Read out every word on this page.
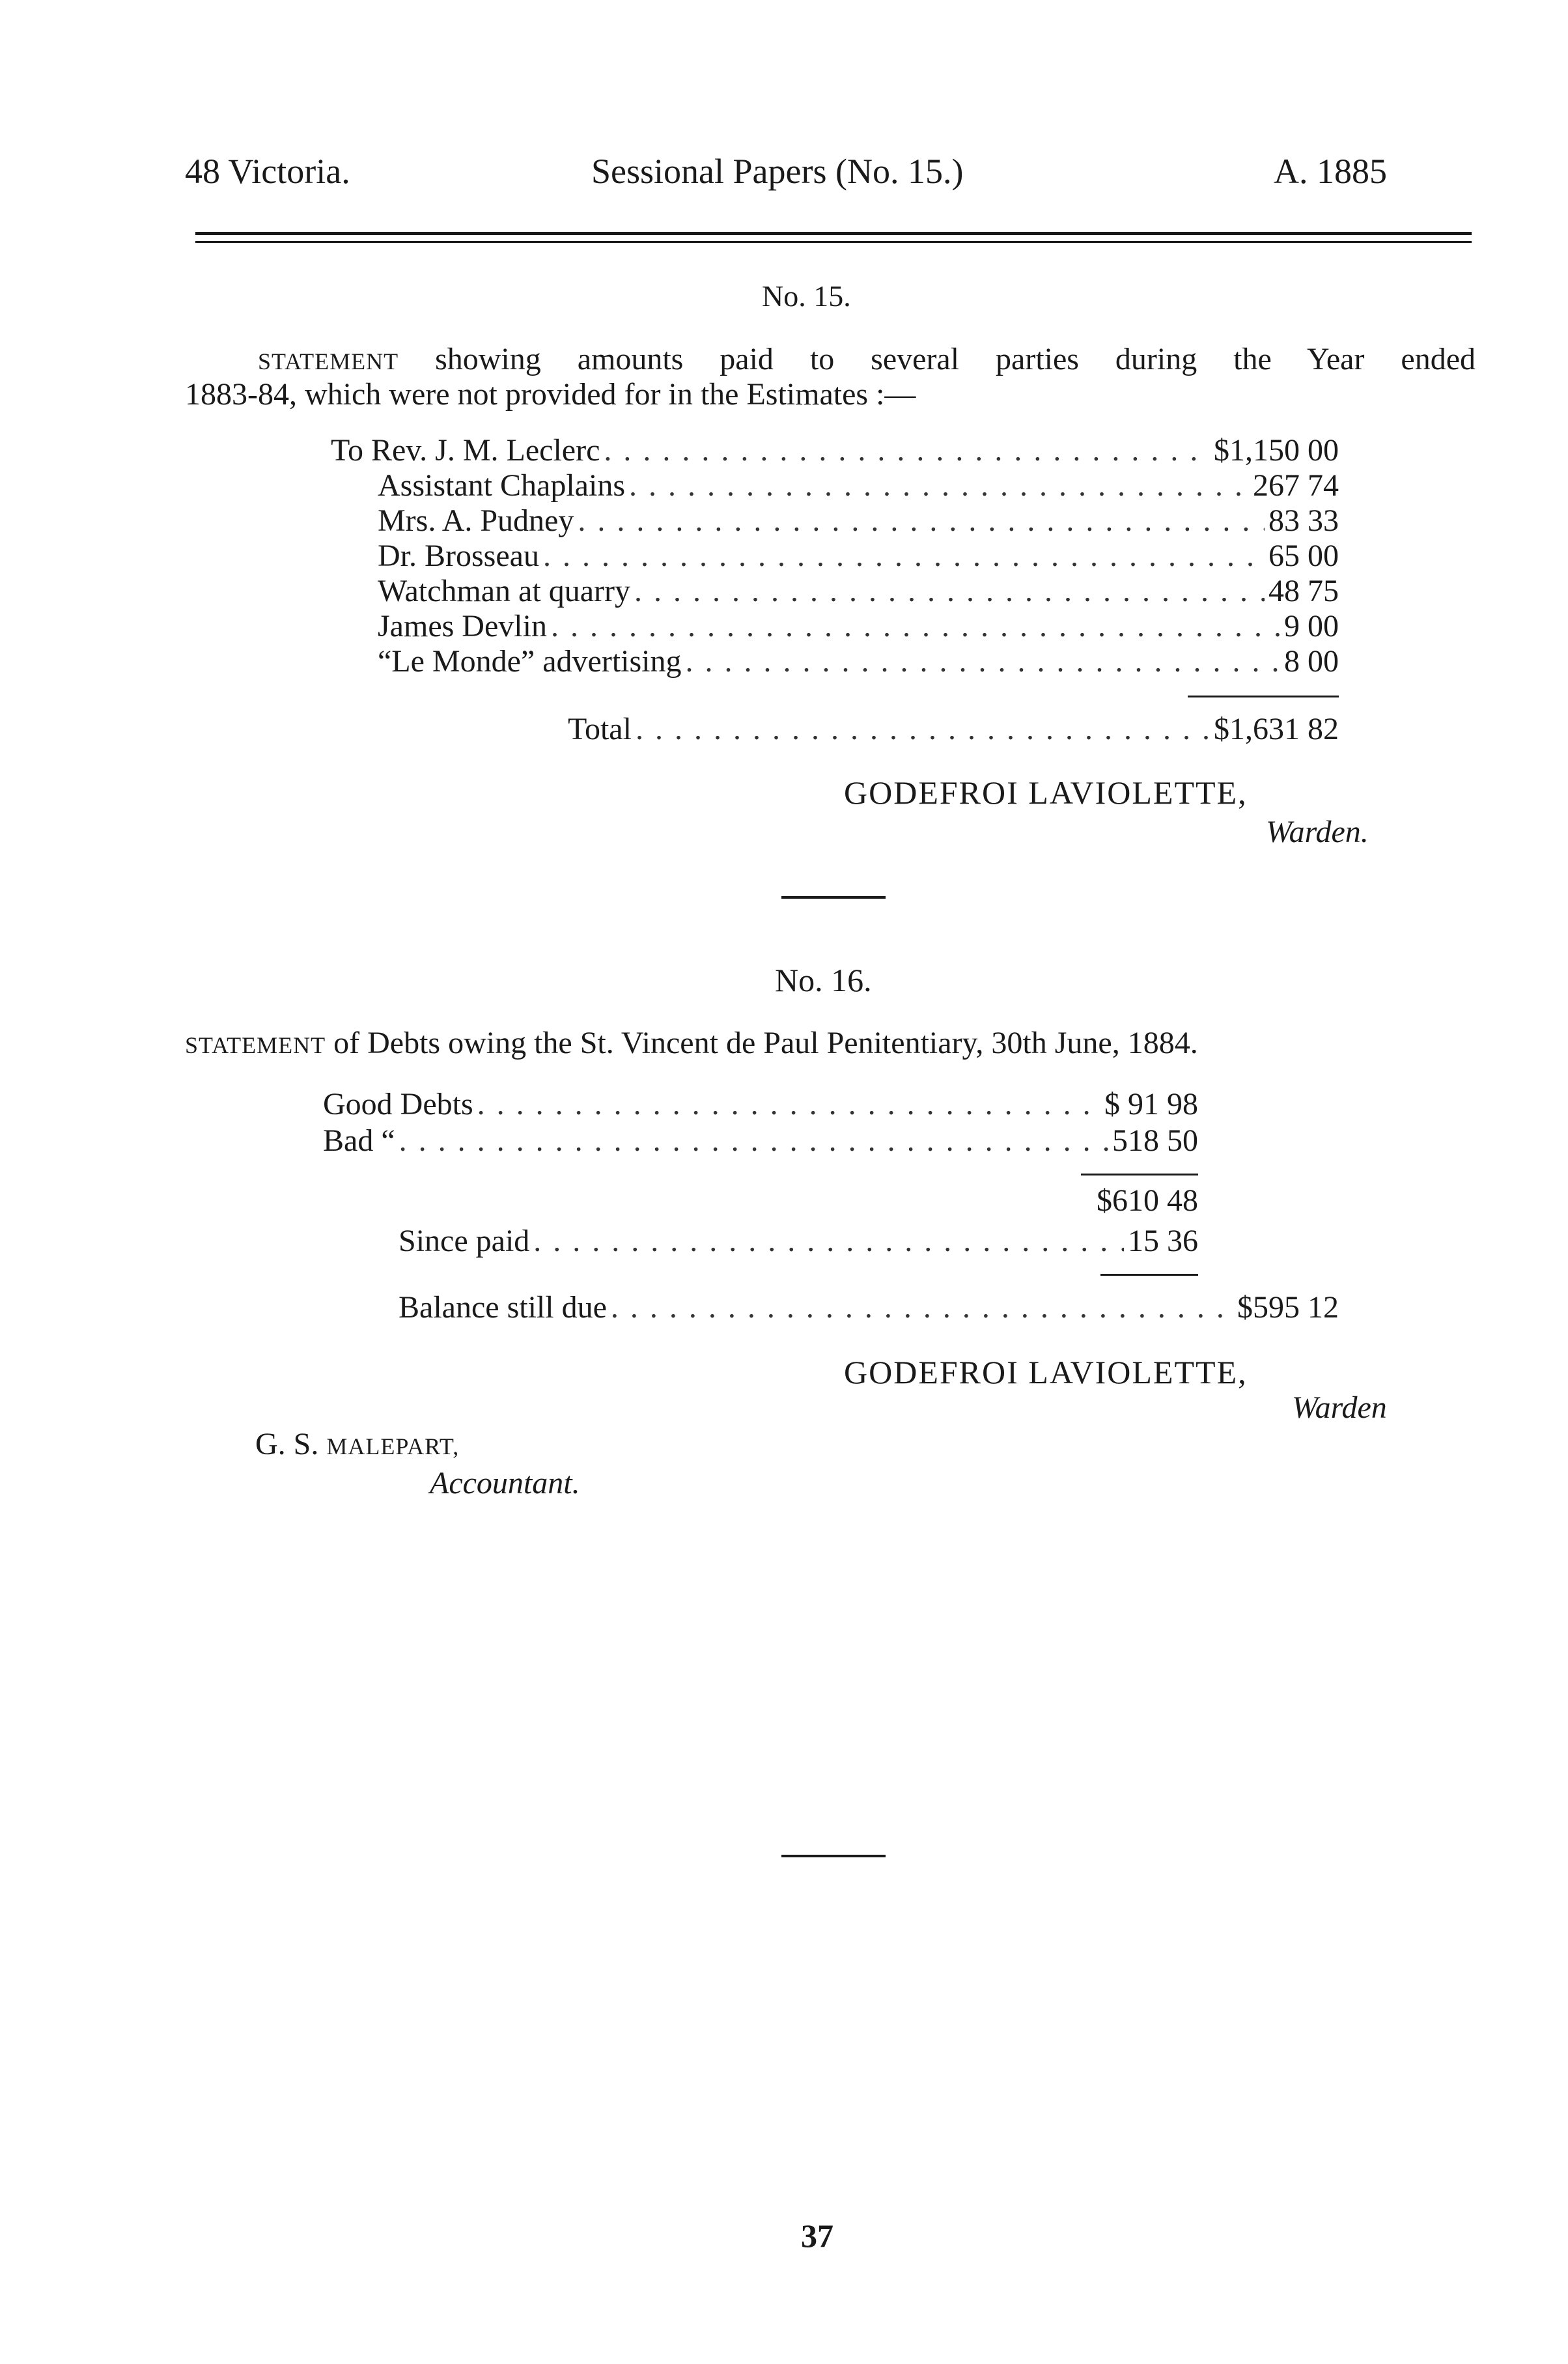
48 Victoria.	Sessional Papers (No. 15.)	A. 1885
No. 15.
STATEMENT showing amounts paid to several parties during the Year ended
1883-84, which were not provided for in the Estimates :—
To Rev. J. M. Leclerc . . .	$1,150 00
Assistant Chaplains . . .	267 74
Mrs. A. Pudney . . .	83 33
Dr. Brosseau . . .	65 00
Watchman at quarry . . .	48 75
James Devlin . . .	9 00
“Le Monde” advertising . . .	8 00
Total . . .	$1,631 82
GODEFROI LAVIOLETTE,
Warden.
No. 16.
STATEMENT of Debts owing the St. Vincent de Paul Penitentiary, 30th June, 1884.
Good Debts . . .	$ 91 98
Bad “ . . .	518 50
$610 48
Since paid . . .	15 36
Balance still due . . .	$595 12
GODEFROI LAVIOLETTE,
Warden
G. S. MALEPART,
Accountant.
37
